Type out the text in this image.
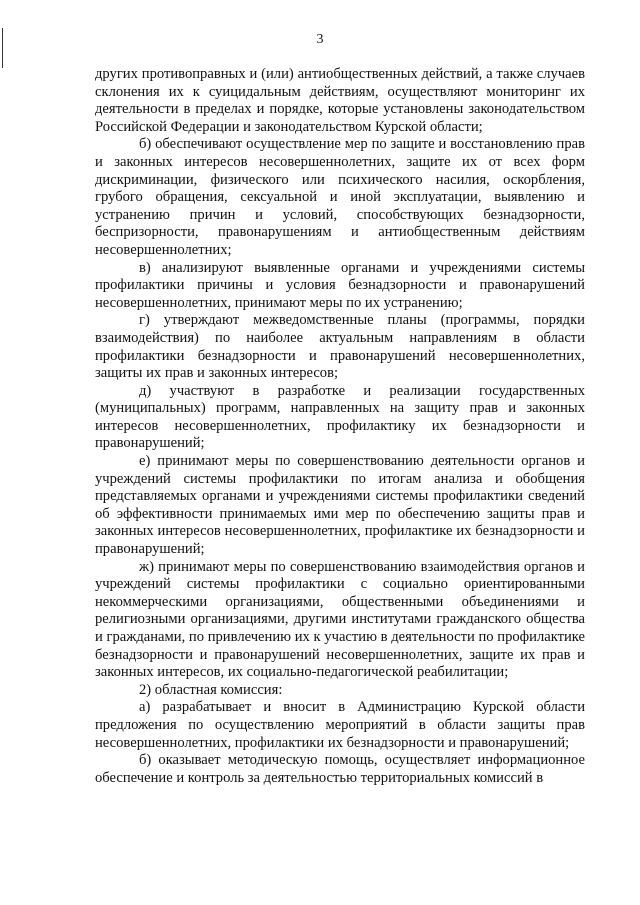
3

других противоправных и (или) антиобщественных действий, а также случаев склонения их к суицидальным действиям, осуществляют мониторинг их деятельности в пределах и порядке, которые установлены законодательством Российской Федерации и законодательством Курской области;

б) обеспечивают осуществление мер по защите и восстановлению прав и законных интересов несовершеннолетних, защите их от всех форм дискриминации, физического или психического насилия, оскорбления, грубого обращения, сексуальной и иной эксплуатации, выявлению и устранению причин и условий, способствующих безнадзорности, беспризорности, правонарушениям и антиобщественным действиям несовершеннолетних;

в) анализируют выявленные органами и учреждениями системы профилактики причины и условия безнадзорности и правонарушений несовершеннолетних, принимают меры по их устранению;

г) утверждают межведомственные планы (программы, порядки взаимодействия) по наиболее актуальным направлениям в области профилактики безнадзорности и правонарушений несовершеннолетних, защиты их прав и законных интересов;

д) участвуют в разработке и реализации государственных (муниципальных) программ, направленных на защиту прав и законных интересов несовершеннолетних, профилактику их безнадзорности и правонарушений;

е) принимают меры по совершенствованию деятельности органов и учреждений системы профилактики по итогам анализа и обобщения представляемых органами и учреждениями системы профилактики сведений об эффективности принимаемых ими мер по обеспечению защиты прав и законных интересов несовершеннолетних, профилактике их безнадзорности и правонарушений;

ж) принимают меры по совершенствованию взаимодействия органов и учреждений системы профилактики с социально ориентированными некоммерческими организациями, общественными объединениями и религиозными организациями, другими институтами гражданского общества и гражданами, по привлечению их к участию в деятельности по профилактике безнадзорности и правонарушений несовершеннолетних, защите их прав и законных интересов, их социально-педагогической реабилитации;

2) областная комиссия:

а) разрабатывает и вносит в Администрацию Курской области предложения по осуществлению мероприятий в области защиты прав несовершеннолетних, профилактики их безнадзорности и правонарушений;

б) оказывает методическую помощь, осуществляет информационное обеспечение и контроль за деятельностью территориальных комиссий в
